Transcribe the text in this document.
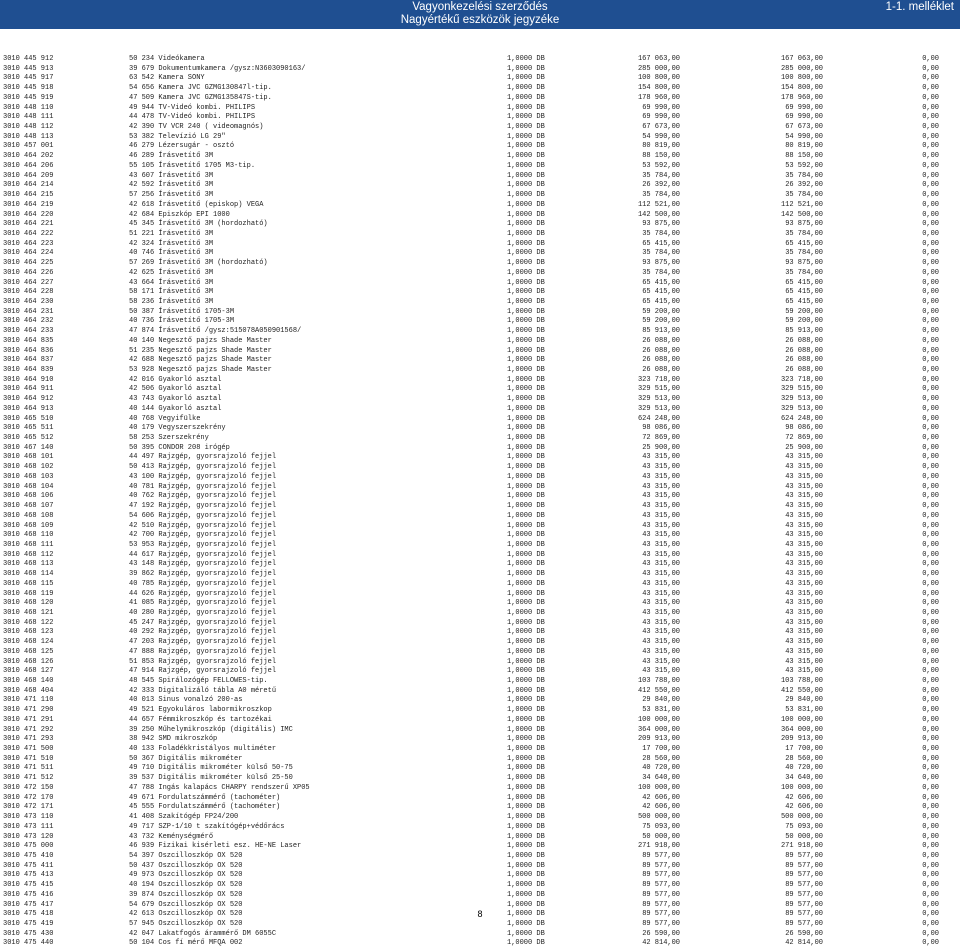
Vagyonkezelési szerződés
Nagyértékű eszközök jegyzéke
1-1. melléklet
3010 445 912	50 234 Videókamera	1,0000 DB	167 063,00	167 063,00	0,00
3010 445 913	39 679 Dokumentumkamera /gysz:N3603090163/	1,0000 DB	285 000,00	285 000,00	0,00
3010 445 917	63 542 Kamera SONY	1,0000 DB	100 800,00	100 800,00	0,00
3010 445 918	54 656 Kamera JVC GZMG130847l-tip.	1,0000 DB	154 800,00	154 800,00	0,00
3010 445 919	47 509 Kamera JVC GZMG135847S-tip.	1,0000 DB	178 960,00	178 960,00	0,00
3010 448 110	49 944 TV-Videó kombi. PHILIPS	1,0000 DB	69 990,00	69 990,00	0,00
3010 448 111	44 478 TV-Videó kombi. PHILIPS	1,0000 DB	69 990,00	69 990,00	0,00
3010 448 112	42 390 TV VCR 240 ( videomagnós)	1,0000 DB	67 673,00	67 673,00	0,00
3010 448 113	53 382 Televízió LG 29"	1,0000 DB	54 990,00	54 990,00	0,00
3010 457 001	46 279 Lézersugár - osztó	1,0000 DB	80 819,00	80 819,00	0,00
3010 464 202	46 289 Írásvetítő 3M	1,0000 DB	88 150,00	88 150,00	0,00
3010 464 206	55 105 Írásvetítő 1705 M3-tip.	1,0000 DB	53 592,00	53 592,00	0,00
3010 464 209	43 607 Írásvetítő 3M	1,0000 DB	35 784,00	35 784,00	0,00
3010 464 214	42 592 Írásvetítő 3M	1,0000 DB	26 392,00	26 392,00	0,00
3010 464 215	57 256 Írásvetítő 3M	1,0000 DB	35 784,00	35 784,00	0,00
3010 464 219	42 618 Írásvetítő (episkop) VEGA	1,0000 DB	112 521,00	112 521,00	0,00
3010 464 220	42 684 Episzkóp EPI 1000	1,0000 DB	142 500,00	142 500,00	0,00
3010 464 221	45 345 Írásvetítő 3M (hordozható)	1,0000 DB	93 875,00	93 875,00	0,00
3010 464 222	51 221 Írásvetítő 3M	1,0000 DB	35 784,00	35 784,00	0,00
3010 464 223	42 324 Írásvetítő 3M	1,0000 DB	65 415,00	65 415,00	0,00
3010 464 224	40 746 Írásvetítő 3M	1,0000 DB	35 784,00	35 784,00	0,00
3010 464 225	57 269 Írásvetítő 3M (hordozható)	1,0000 DB	93 875,00	93 875,00	0,00
3010 464 226	42 625 Írásvetítő 3M	1,0000 DB	35 784,00	35 784,00	0,00
3010 464 227	43 664 Írásvetítő 3M	1,0000 DB	65 415,00	65 415,00	0,00
3010 464 228	58 171 Írásvetítő 3M	1,0000 DB	65 415,00	65 415,00	0,00
3010 464 230	58 236 Írásvetítő 3M	1,0000 DB	65 415,00	65 415,00	0,00
3010 464 231	50 387 Írásvetítő 1705-3M	1,0000 DB	59 200,00	59 200,00	0,00
3010 464 232	40 736 Írásvetítő 1705-3M	1,0000 DB	59 200,00	59 200,00	0,00
3010 464 233	47 874 Írásvetítő /gysz:515078A050901568/	1,0000 DB	85 913,00	85 913,00	0,00
3010 464 835	40 140 Negesztő pajzs Shade Master	1,0000 DB	26 088,00	26 088,00	0,00
3010 464 836	51 235 Negesztő pajzs Shade Master	1,0000 DB	26 088,00	26 088,00	0,00
3010 464 837	42 688 Negesztő pajzs Shade Master	1,0000 DB	26 088,00	26 088,00	0,00
3010 464 839	53 928 Negesztő pajzs Shade Master	1,0000 DB	26 088,00	26 088,00	0,00
3010 464 910	42 016 Gyakorló asztal	1,0000 DB	323 718,00	323 718,00	0,00
3010 464 911	42 506 Gyakorló asztal	1,0000 DB	329 515,00	329 515,00	0,00
3010 464 912	43 743 Gyakorló asztal	1,0000 DB	329 513,00	329 513,00	0,00
3010 464 913	40 144 Gyakorló asztal	1,0000 DB	329 513,00	329 513,00	0,00
3010 465 510	40 768 Vegyifülke	1,0000 DB	624 248,00	624 248,00	0,00
3010 465 511	40 179 Vegyszerszekrény	1,0000 DB	98 086,00	98 086,00	0,00
3010 465 512	58 253 Szerszekrény	1,0000 DB	72 869,00	72 869,00	0,00
3010 467 140	50 395 CONDOR 208 irógép	1,0000 DB	25 900,00	25 900,00	0,00
3010 468 101	44 497 Rajzgép, gyorsrajzoló fejjel	1,0000 DB	43 315,00	43 315,00	0,00
3010 468 102	50 413 Rajzgép, gyorsrajzoló fejjel	1,0000 DB	43 315,00	43 315,00	0,00
3010 468 103	43 100 Rajzgép, gyorsrajzoló fejjel	1,0000 DB	43 315,00	43 315,00	0,00
3010 468 104	40 781 Rajzgép, gyorsrajzoló fejjel	1,0000 DB	43 315,00	43 315,00	0,00
3010 468 106	40 762 Rajzgép, gyorsrajzoló fejjel	1,0000 DB	43 315,00	43 315,00	0,00
3010 468 107	47 192 Rajzgép, gyorsrajzoló fejjel	1,0000 DB	43 315,00	43 315,00	0,00
3010 468 108	54 606 Rajzgép, gyorsrajzoló fejjel	1,0000 DB	43 315,00	43 315,00	0,00
3010 468 109	42 510 Rajzgép, gyorsrajzoló fejjel	1,0000 DB	43 315,00	43 315,00	0,00
3010 468 110	42 700 Rajzgép, gyorsrajzoló fejjel	1,0000 DB	43 315,00	43 315,00	0,00
3010 468 111	53 953 Rajzgép, gyorsrajzoló fejjel	1,0000 DB	43 315,00	43 315,00	0,00
3010 468 112	44 617 Rajzgép, gyorsrajzoló fejjel	1,0000 DB	43 315,00	43 315,00	0,00
3010 468 113	43 148 Rajzgép, gyorsrajzoló fejjel	1,0000 DB	43 315,00	43 315,00	0,00
3010 468 114	39 862 Rajzgép, gyorsrajzoló fejjel	1,0000 DB	43 315,00	43 315,00	0,00
3010 468 115	40 785 Rajzgép, gyorsrajzoló fejjel	1,0000 DB	43 315,00	43 315,00	0,00
3010 468 119	44 626 Rajzgép, gyorsrajzoló fejjel	1,0000 DB	43 315,00	43 315,00	0,00
3010 468 120	41 085 Rajzgép, gyorsrajzoló fejjel	1,0000 DB	43 315,00	43 315,00	0,00
3010 468 121	40 280 Rajzgép, gyorsrajzoló fejjel	1,0000 DB	43 315,00	43 315,00	0,00
3010 468 122	45 247 Rajzgép, gyorsrajzoló fejjel	1,0000 DB	43 315,00	43 315,00	0,00
3010 468 123	40 292 Rajzgép, gyorsrajzoló fejjel	1,0000 DB	43 315,00	43 315,00	0,00
3010 468 124	47 203 Rajzgép, gyorsrajzoló fejjel	1,0000 DB	43 315,00	43 315,00	0,00
3010 468 125	47 888 Rajzgép, gyorsrajzoló fejjel	1,0000 DB	43 315,00	43 315,00	0,00
3010 468 126	51 853 Rajzgép, gyorsrajzoló fejjel	1,0000 DB	43 315,00	43 315,00	0,00
3010 468 127	47 914 Rajzgép, gyorsrajzoló fejjel	1,0000 DB	43 315,00	43 315,00	0,00
3010 468 140	48 545 Spirálozógép FELLOWES-tip.	1,0000 DB	103 788,00	103 788,00	0,00
3010 468 404	42 333 Digitalizáló tábla A0 méretű	1,0000 DB	412 550,00	412 550,00	0,00
3010 471 110	40 013 Sinus vonalzó 200-as	1,0000 DB	29 840,00	29 840,00	0,00
3010 471 290	49 521 Egyokuláros labormikroszkop	1,0000 DB	53 831,00	53 831,00	0,00
3010 471 291	44 657 Fémmikroszkóp és tartozékai	1,0000 DB	100 000,00	100 000,00	0,00
3010 471 292	39 250 Műhelymikroszkóp (digitális) IMC	1,0000 DB	364 000,00	364 000,00	0,00
3010 471 293	38 942 SMD mikroszkóp	1,0000 DB	209 913,00	209 913,00	0,00
3010 471 500	40 133 Foladékkristályos multiméter	1,0000 DB	17 700,00	17 700,00	0,00
3010 471 510	50 367 Digitális mikrométer	1,0000 DB	28 560,00	28 560,00	0,00
3010 471 511	49 710 Digitális mikrométer külső 50-75	1,0000 DB	40 720,00	40 720,00	0,00
3010 471 512	39 537 Digitális mikrométer külső 25-50	1,0000 DB	34 640,00	34 640,00	0,00
3010 472 150	47 788 Ingás kalapács CHARPY rendszerű XP05	1,0000 DB	100 000,00	100 000,00	0,00
3010 472 170	49 671 Fordulatszámmérő (tachométer)	1,0000 DB	42 606,00	42 606,00	0,00
3010 472 171	45 555 Fordulatszámmérő (tachométer)	1,0000 DB	42 606,00	42 606,00	0,00
3010 473 110	41 408 Szakítógép FP24/200	1,0000 DB	500 000,00	500 000,00	0,00
3010 473 111	49 717 SZP-1/10 t szakítógép+védőrács	1,0000 DB	75 093,00	75 093,00	0,00
3010 473 120	43 732 Keménységmérő	1,0000 DB	50 000,00	50 000,00	0,00
3010 475 000	46 939 Fizikai kisérleti esz. HE-NE Laser	1,0000 DB	271 918,00	271 918,00	0,00
3010 475 410	54 397 Oszcilloszkóp OX 520	1,0000 DB	89 577,00	89 577,00	0,00
3010 475 411	50 437 Oszcilloszkóp OX 520	1,0000 DB	89 577,00	89 577,00	0,00
3010 475 413	49 973 Oszcilloszkóp OX 520	1,0000 DB	89 577,00	89 577,00	0,00
3010 475 415	40 194 Oszcilloszkóp OX 520	1,0000 DB	89 577,00	89 577,00	0,00
3010 475 416	39 874 Oszcilloszkóp OX 520	1,0000 DB	89 577,00	89 577,00	0,00
3010 475 417	54 679 Oszcilloszkóp OX 520	1,0000 DB	89 577,00	89 577,00	0,00
3010 475 418	42 613 Oszcilloszkóp OX 520	1,0000 DB	89 577,00	89 577,00	0,00
3010 475 419	57 945 Oszcilloszkóp OX 520	1,0000 DB	89 577,00	89 577,00	0,00
3010 475 430	42 047 Lakatfogós árammérő DM 6055C	1,0000 DB	26 590,00	26 590,00	0,00
3010 475 440	50 104 Cos fí mérő MFQA 002	1,0000 DB	42 814,00	42 814,00	0,00
8
